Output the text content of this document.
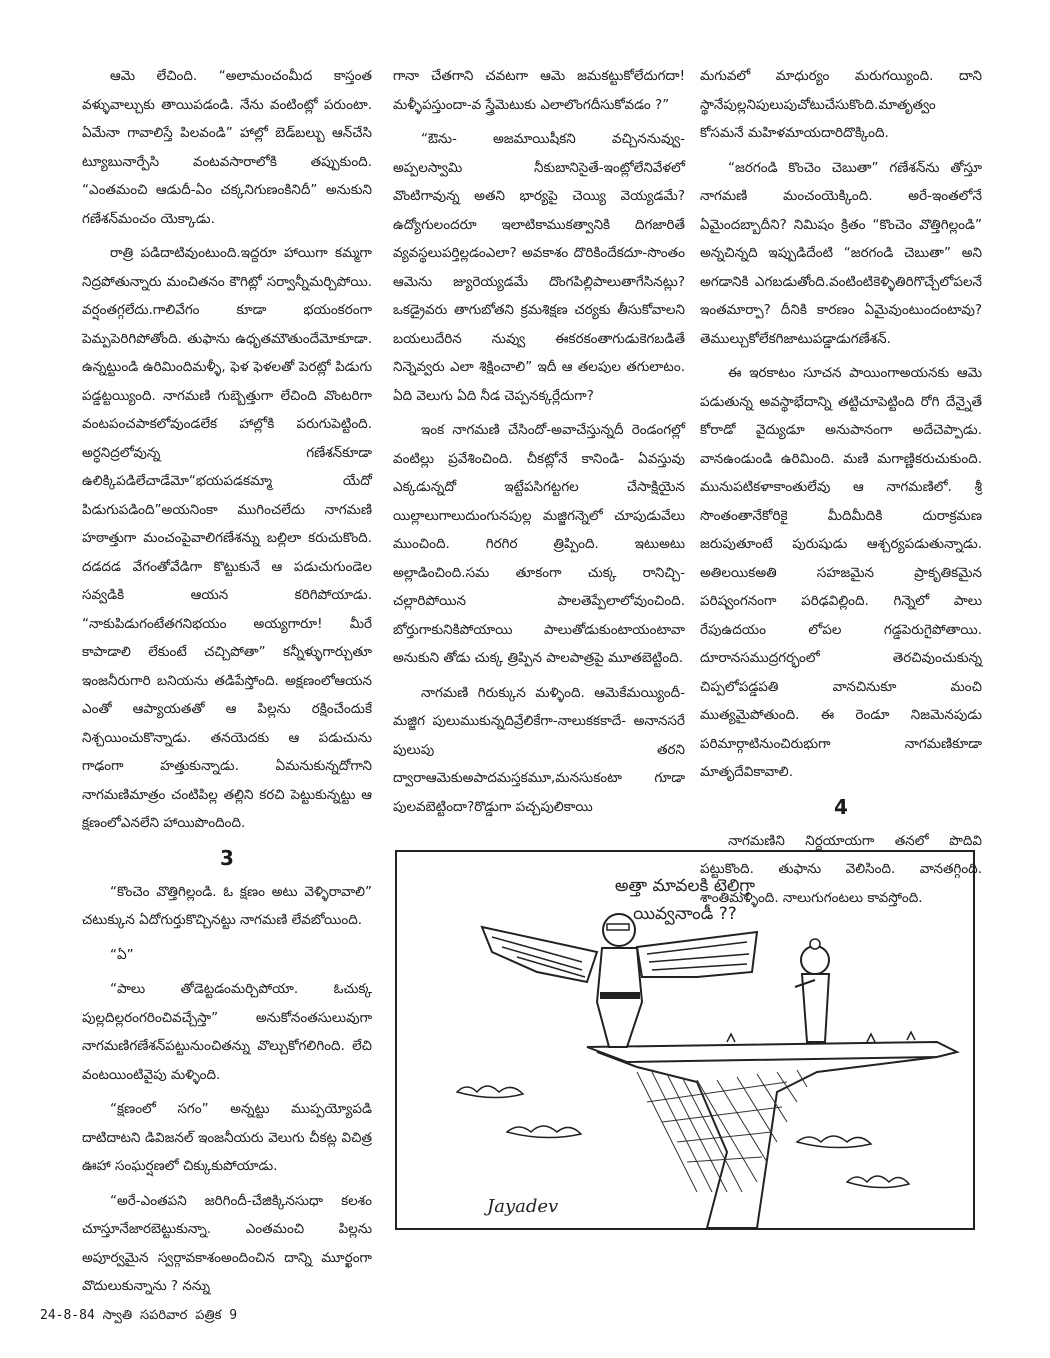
ఆమె లేచింది. “అలామంచంమీద కాస్తంత వళ్ళువాల్చుకు తాయిపడండి. నేను వంటింట్లో పరుంటా. ఏమేనా గావాలిస్తే పిలవండి” హాల్లో బెడ్‌బల్బు ఆన్‌చేసి ట్యూబునార్పేసి వంటవసారాలోకి తప్పుకుంది. “ఎంతమంచి ఆడుదీ-ఏం చక్కనిగుణంకినిదీ” అనుకుని గణేశన్‌మంచం యెక్కాడు.

రాత్రి పడిదాటివుంటుంది.ఇద్దరూ హాయిగా కమ్మగా నిద్రపోతున్నారు మంచితనం కౌగిట్లో సర్వాన్నీమర్చిపోయి. వర్షంతగ్గలేదు.గాలివేగం కూడా భయంకరంగా పెమ్పపెరిగిపోతోంది. తుఫాను ఉధృతమౌతుందేమోకూడా. ఉన్నట్టుండి ఉరిమిందిమళ్ళీ, ఫెళ ఫెళలతో పెరట్లో పిడుగు పడ్డట్టయ్యింది. నాగమణి గుబ్బెత్తుగా లేచింది వొంటరిగా వంటపంచపాకలోవుండలేక హాల్లోకి పరుగుపెట్టింది. అర్ధనిద్రలోవున్న గణేశన్‌కూడా ఉలిక్కిపడిలేచాడేమో“భయపడకమ్మా యేదో పిడుగుపడింది”అయనింకా ముగించలేదు నాగమణి హఠాత్తుగా మంచంపైవాలిగణేశన్ను బల్లిలా కరుచుకొంది. దడదడ వేగంతోవేడిగా కొట్టుకునే ఆ పడుచుగుండెల సవ్వడికి ఆయన కరిగిపోయాడు. “నాకుపిడుగంటేతగనిభయం అయ్యగారూ! మీరే కాపాడాలి లేకుంటే చచ్చిపోతా” కన్నీళ్ళుగార్చుతూ ఇంజనీరుగారి బనియను తడిపేస్తోంది. అక్షణంలోఆయన ఎంతో ఆప్యాయతతో ఆ పిల్లను రక్షించేందుకే నిశ్చయించుకొన్నాడు. తనయెదకు ఆ పడుచును గాఢంగా హత్తుకున్నాడు. ఏమనుకున్నదోగాని నాగమణిమాత్రం చంటిపిల్ల తల్లిని కరచి పెట్టుకున్నట్టు ఆ క్షణంలోఎనలేని హాయిపొందింది.

3

“కొంచెం వొత్తిగిల్లండి. ఓ క్షణం అటు వెళ్ళిరావాలి” చటుక్కున ఏదోగుర్తుకొచ్చినట్టు నాగమణి లేవబోయింది.

“ఏ”

“పాలు తోడెట్టడంమర్చిపోయా. ఓచుక్క పుల్లదిల్లరంగరించివచ్చేస్తా” అనుకోనంతసులువుగా నాగమణిగణేశన్‌పట్టునుంచితన్ను వొల్చుకోగలిగింది. లేచి వంటయింటివైపు మళ్ళింది.

“క్షణంలో సగం” అన్నట్టు ముప్పయ్యోపడి దాటిదాటని డివిజనల్ ఇంజనీయరు వెలుగు చీకట్ల విచిత్ర ఊహా సంఘర్షణలో చిక్కుకుపోయాడు.

“అరే-ఎంతపని జరిగిందీ-చేజిక్కినసుధా కలశం చూస్తూనేజారబెట్టుకున్నా. ఎంతమంచి పిల్లను అపూర్వమైన స్వర్గావకాశంఅందించిన దాన్ని మూర్ఖంగా వొదులుకున్నాను ? నన్ను

గానా చేతగాని చవటగా ఆమె జమకట్టుకోలేదుగదా! మళ్ళీపస్తుందా-వ స్త్రేమెటుకు ఎలాలొంగదీసుకోవడం ?”

“ఔను- అజమాయిషీకని వచ్చిననువ్వు-అప్పలస్వామి నీకుబానిసైతే-ఇంట్లోలేనివేళలో వొంటిగావున్న అతని భార్యపై చెయ్యి వెయ్యడమే? ఉద్యోగులందరూ ఇలాటికాముకత్వానికి దిగజారితే వ్యవస్థలుపర్తిల్లడంఎలా? అవకాశం దొరికిందేకదూ-సొంతం ఆమెను జ్యురెయ్యడమే దొంగపిల్లిపాలుతాగేసినట్లు? ఒకడ్రైవరు తాగుబోతని క్రమశిక్షణ చర్యకు తీసుకోవాలని బయలుదేరిన నువ్వు ఈకరకంతాగుడుకెగబడితే నిన్నెవ్వరు ఎలా శిక్షించాలి” ఇదీ ఆ తలపుల తగులాటం. ఏది వెలుగు ఏది నీడ చెప్పనక్కర్లేదుగా?

ఇంక నాగమణి చేసిందో-అవాచేస్తున్నదీ రెండంగల్లో వంటిల్లు ప్రవేశించింది. చీకట్లోనే కానిండి- ఏవస్తువు ఎక్కడున్నదో ఇట్టేపసిగట్టగల చేసాక్షియైన యిల్లాలుగాలుదుంగునపుల్ల మజ్జిగన్నెలో చూపుడువేలు ముంచింది. గిరగిర త్రిప్పింది. ఇటుఅటు అల్లాడించింది.సమ తూకంగా చుక్క రానిచ్చి-చల్లారిపోయిన పాలతెప్పేలాలోవుంచింది. బోర్తుగాకునికిపోయాయి పాలుతోడుకుంటాయంటావా అనుకుని తోడు చుక్క త్రిప్పిన పాలపాత్రపై మూతబెట్టింది.

నాగమణి గిరుక్కున మళ్ళింది. ఆమెకేమయ్యిందీ- మజ్జిగ పులుముకున్నదివ్రేలికేగా-నాలుకకకాదే- అనానసరే పులుపు తరని ద్వారాఆమెకుఅపాదమస్తకమూ,మనసుకంటా గూడా పులవబెట్టిందా?రొడ్డుగా పచ్చపులికాయి

మగువలో మాధుర్యం మరుగయ్యింది. దాని స్థానేపుల్లనిపులుపుచోటుచేసుకొంది.మాతృత్వం కోసమనే మహిళమాయదారిదొక్కింది.

“జరగండి కొంచెం చెబుతా” గణేశన్‌ను తోస్తూ నాగమణి మంచంయెక్కింది. అరే-ఇంతలోనే ఏమైందబ్బాదీని? నిమిషం క్రితం “కొంచెం వొత్తిగిల్లండి” అన్నచిన్నది ఇప్పుడిదేంటి “జరగండి చెబుతా” అని అగడానికి ఎగబడుతోంది.వంటింటికెళ్ళితిరిగొచ్చేలోపలనే ఇంతమార్పా? దీనికి కారణం ఏమైవుంటుందంటావు? తెముల్చుకోలేకగిజాటుపడ్డాడుగణేశన్.

ఈ ఇరకాటం సూచన పాయింగాఅయనకు ఆమె పడుతున్న అవస్థాభేదాన్ని తట్టిచూపెట్టింది రోగి దేన్నైతే కోరాడో వైద్యుడూ అనుపానంగా అదేచెప్పాడు. వానఉండుండి ఉరిమింది. మణి మగాణ్ణికరుచుకుంది. మునుపటికళాకాంతులేవు ఆ నాగమణిలో. శ్రీ సొంతంతానేకోరికై మీదిమీదికి దురాక్రమణ జరుపుతూంటే పురుషుడు ఆశ్చర్యపడుతున్నాడు. అతిలయికఅతి సహజమైన ప్రాకృతికమైన పరిష్వంగనంగా పరిఢవిల్లింది. గిన్నెలో పాలు రేపుఉదయం లోపల గడ్డపెరుగైపోతాయి. దూరానసముద్రగర్భంలో తెరచివుంచుకున్న చిప్పలోపడ్డపతి వానచినుకూ మంచి ముత్యమైపోతుంది. ఈ రెండూ నిజమెనపుడు పరిమార్గాటినుంచిరుభుగా నాగమణికూడా మాతృదేవికావాలి.

4

నాగమణిని నిర్దయాయగా తనలో పొదివి పట్టుకొంది. తుఫాను వెలిసింది. వానతగ్గింది. శాంతిమళ్ళింది. నాలుగుగంటలు కావస్తోంది.

అత్తా మావలకి టెలిగ్రా
యివ్వనాండీ ??
Jayadev
24-8-84 స్వాతి సపరివార పత్రిక 9
